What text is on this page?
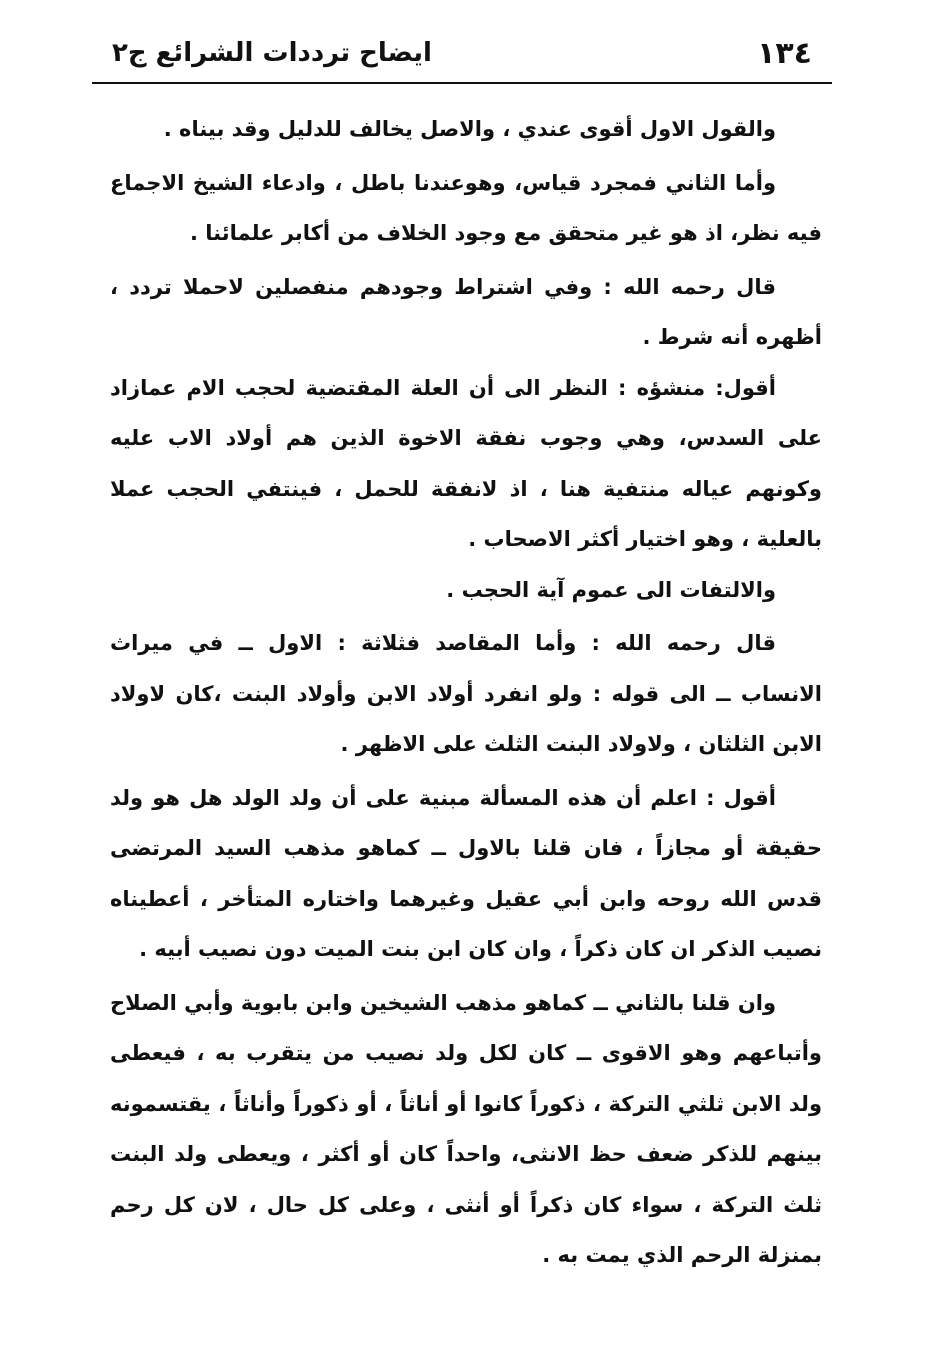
١٣٤
ايضاح ترددات الشرائع ج٢

والقول الاول أقوى عندي ، والاصل يخالف للدليل وقد بيناه .

وأما الثاني فمجرد قياس، وهوعندنا باطل ، وادعاء الشيخ الاجماع فيه نظر، اذ هو غير متحقق مع وجود الخلاف من أكابر علمائنا .

قال رحمه الله : وفي اشتراط وجودهم منفصلين لاحملا تردد ، أظهره أنه شرط .

أقول: منشؤه : النظر الى أن العلة المقتضية لحجب الام عمازاد على السدس، وهي وجوب نفقة الاخوة الذين هم أولاد الاب عليه وكونهم عياله منتفية هنا ، اذ لانفقة للحمل ، فينتفي الحجب عملا بالعلية ، وهو اختيار أكثر الاصحاب .

والالتفات الى عموم آية الحجب .

قال رحمه الله : وأما المقاصد فثلاثة : الاول ــ في ميراث الانساب ــ الى قوله : ولو انفرد أولاد الابن وأولاد البنت ،كان لاولاد الابن الثلثان ، ولاولاد البنت الثلث على الاظهر .

أقول : اعلم أن هذه المسألة مبنية على أن ولد الولد هل هو ولد حقيقة أو مجازاً ، فان قلنا بالاول ــ كماهو مذهب السيد المرتضى قدس الله روحه وابن أبي عقيل وغيرهما واختاره المتأخر ، أعطيناه نصيب الذكر ان كان ذكراً ، وان كان ابن بنت الميت دون نصيب أبيه .

وان قلنا بالثاني ــ كماهو مذهب الشيخين وابن بابوية وأبي الصلاح وأتباعهم وهو الاقوى ــ كان لكل ولد نصيب من يتقرب به ، فيعطى ولد الابن ثلثي التركة ، ذكوراً كانوا أو أناثاً ، أو ذكوراً وأناثاً ، يقتسمونه بينهم للذكر ضعف حظ الانثى، واحداً كان أو أكثر ، ويعطى ولد البنت ثلث التركة ، سواء كان ذكراً أو أنثى ، وعلى كل حال ، لان كل رحم بمنزلة الرحم الذي يمت به .
